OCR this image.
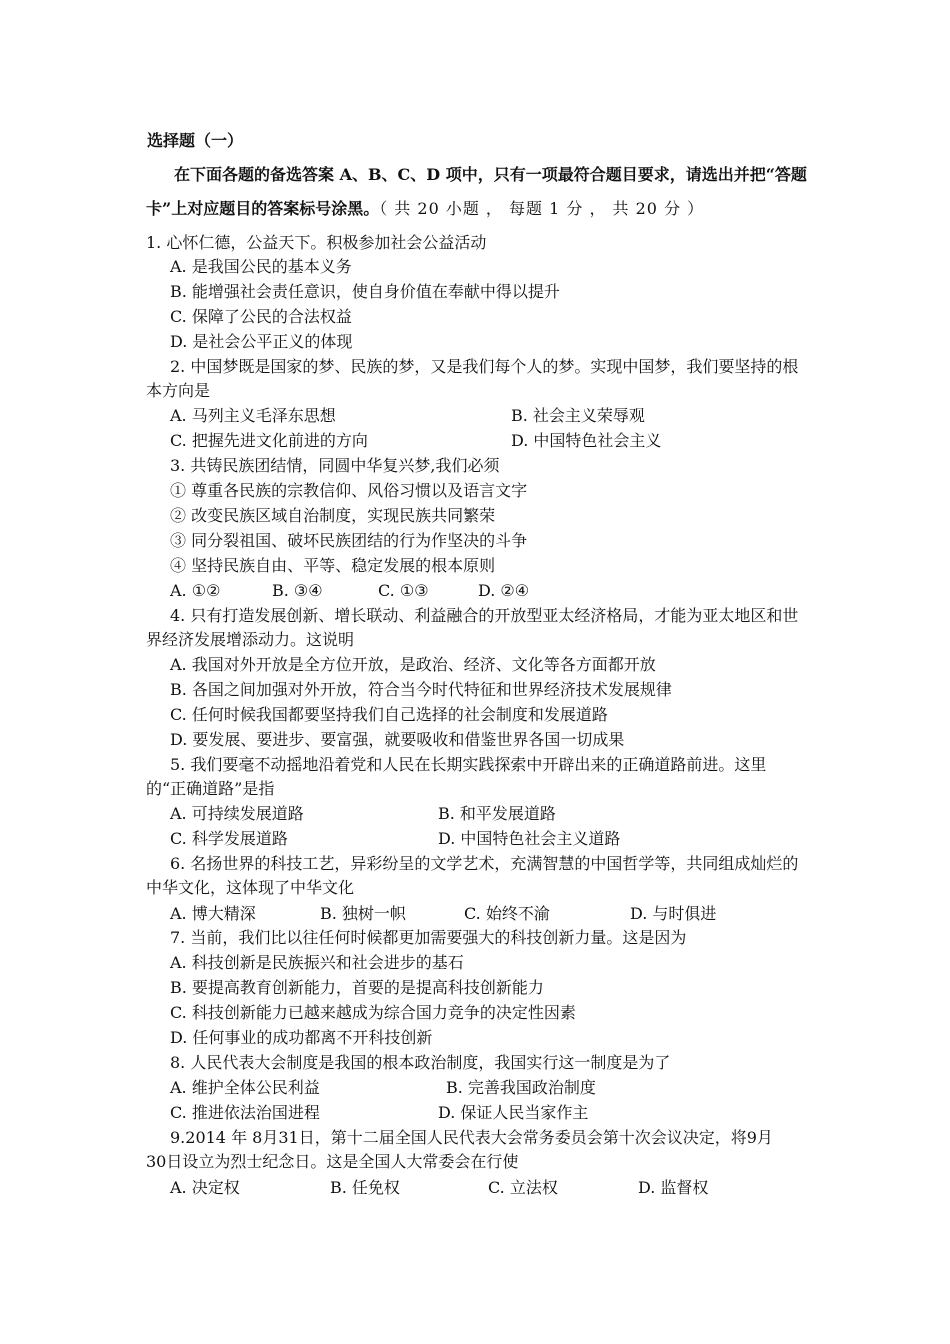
选择题（一）
在下面各题的备选答案 A、B、C、D 项中，只有一项最符合题目要求，请选出并把“答题
卡”上对应题目的答案标号涂黑。（ 共 20 小题 ， 每题 1 分 ， 共 20 分 ）
1. 心怀仁德，公益天下。积极参加社会公益活动
A. 是我国公民的基本义务
B. 能增强社会责任意识，使自身价值在奉献中得以提升
C. 保障了公民的合法权益
D. 是社会公平正义的体现
2. 中国梦既是国家的梦、民族的梦，又是我们每个人的梦。实现中国梦，我们要坚持的根
本方向是
A. 马列主义毛泽东思想	B. 社会主义荣辱观
C. 把握先进文化前进的方向	D. 中国特色社会主义
3. 共铸民族团结情，同圆中华复兴梦,我们必须
① 尊重各民族的宗教信仰、风俗习惯以及语言文字
② 改变民族区域自治制度，实现民族共同繁荣
③ 同分裂祖国、破坏民族团结的行为作坚决的斗争
④ 坚持民族自由、平等、稳定发展的根本原则
A. ①②	B. ③④	C. ①③	D. ②④
4. 只有打造发展创新、增长联动、利益融合的开放型亚太经济格局，才能为亚太地区和世
界经济发展增添动力。这说明
A. 我国对外开放是全方位开放，是政治、经济、文化等各方面都开放
B. 各国之间加强对外开放，符合当今时代特征和世界经济技术发展规律
C. 任何时候我国都要坚持我们自己选择的社会制度和发展道路
D. 要发展、要进步、要富强，就要吸收和借鉴世界各国一切成果
5. 我们要毫不动摇地沿着党和人民在长期实践探索中开辟出来的正确道路前进。这里
的“正确道路”是指
A. 可持续发展道路	B. 和平发展道路
C. 科学发展道路	D. 中国特色社会主义道路
6. 名扬世界的科技工艺，异彩纷呈的文学艺术，充满智慧的中国哲学等，共同组成灿烂的
中华文化，这体现了中华文化
A. 博大精深	B. 独树一帜	C. 始终不渝	D. 与时俱进
7. 当前，我们比以往任何时候都更加需要强大的科技创新力量。这是因为
A. 科技创新是民族振兴和社会进步的基石
B. 要提高教育创新能力，首要的是提高科技创新能力
C. 科技创新能力已越来越成为综合国力竞争的决定性因素
D. 任何事业的成功都离不开科技创新
8. 人民代表大会制度是我国的根本政治制度，我国实行这一制度是为了
A. 维护全体公民利益	B. 完善我国政治制度
C. 推进依法治国进程	D. 保证人民当家作主
9.2014 年 8月31日，第十二届全国人民代表大会常务委员会第十次会议决定，将9月
30日设立为烈士纪念日。这是全国人大常委会在行使
A. 决定权	B. 任免权	C. 立法权	D. 监督权
